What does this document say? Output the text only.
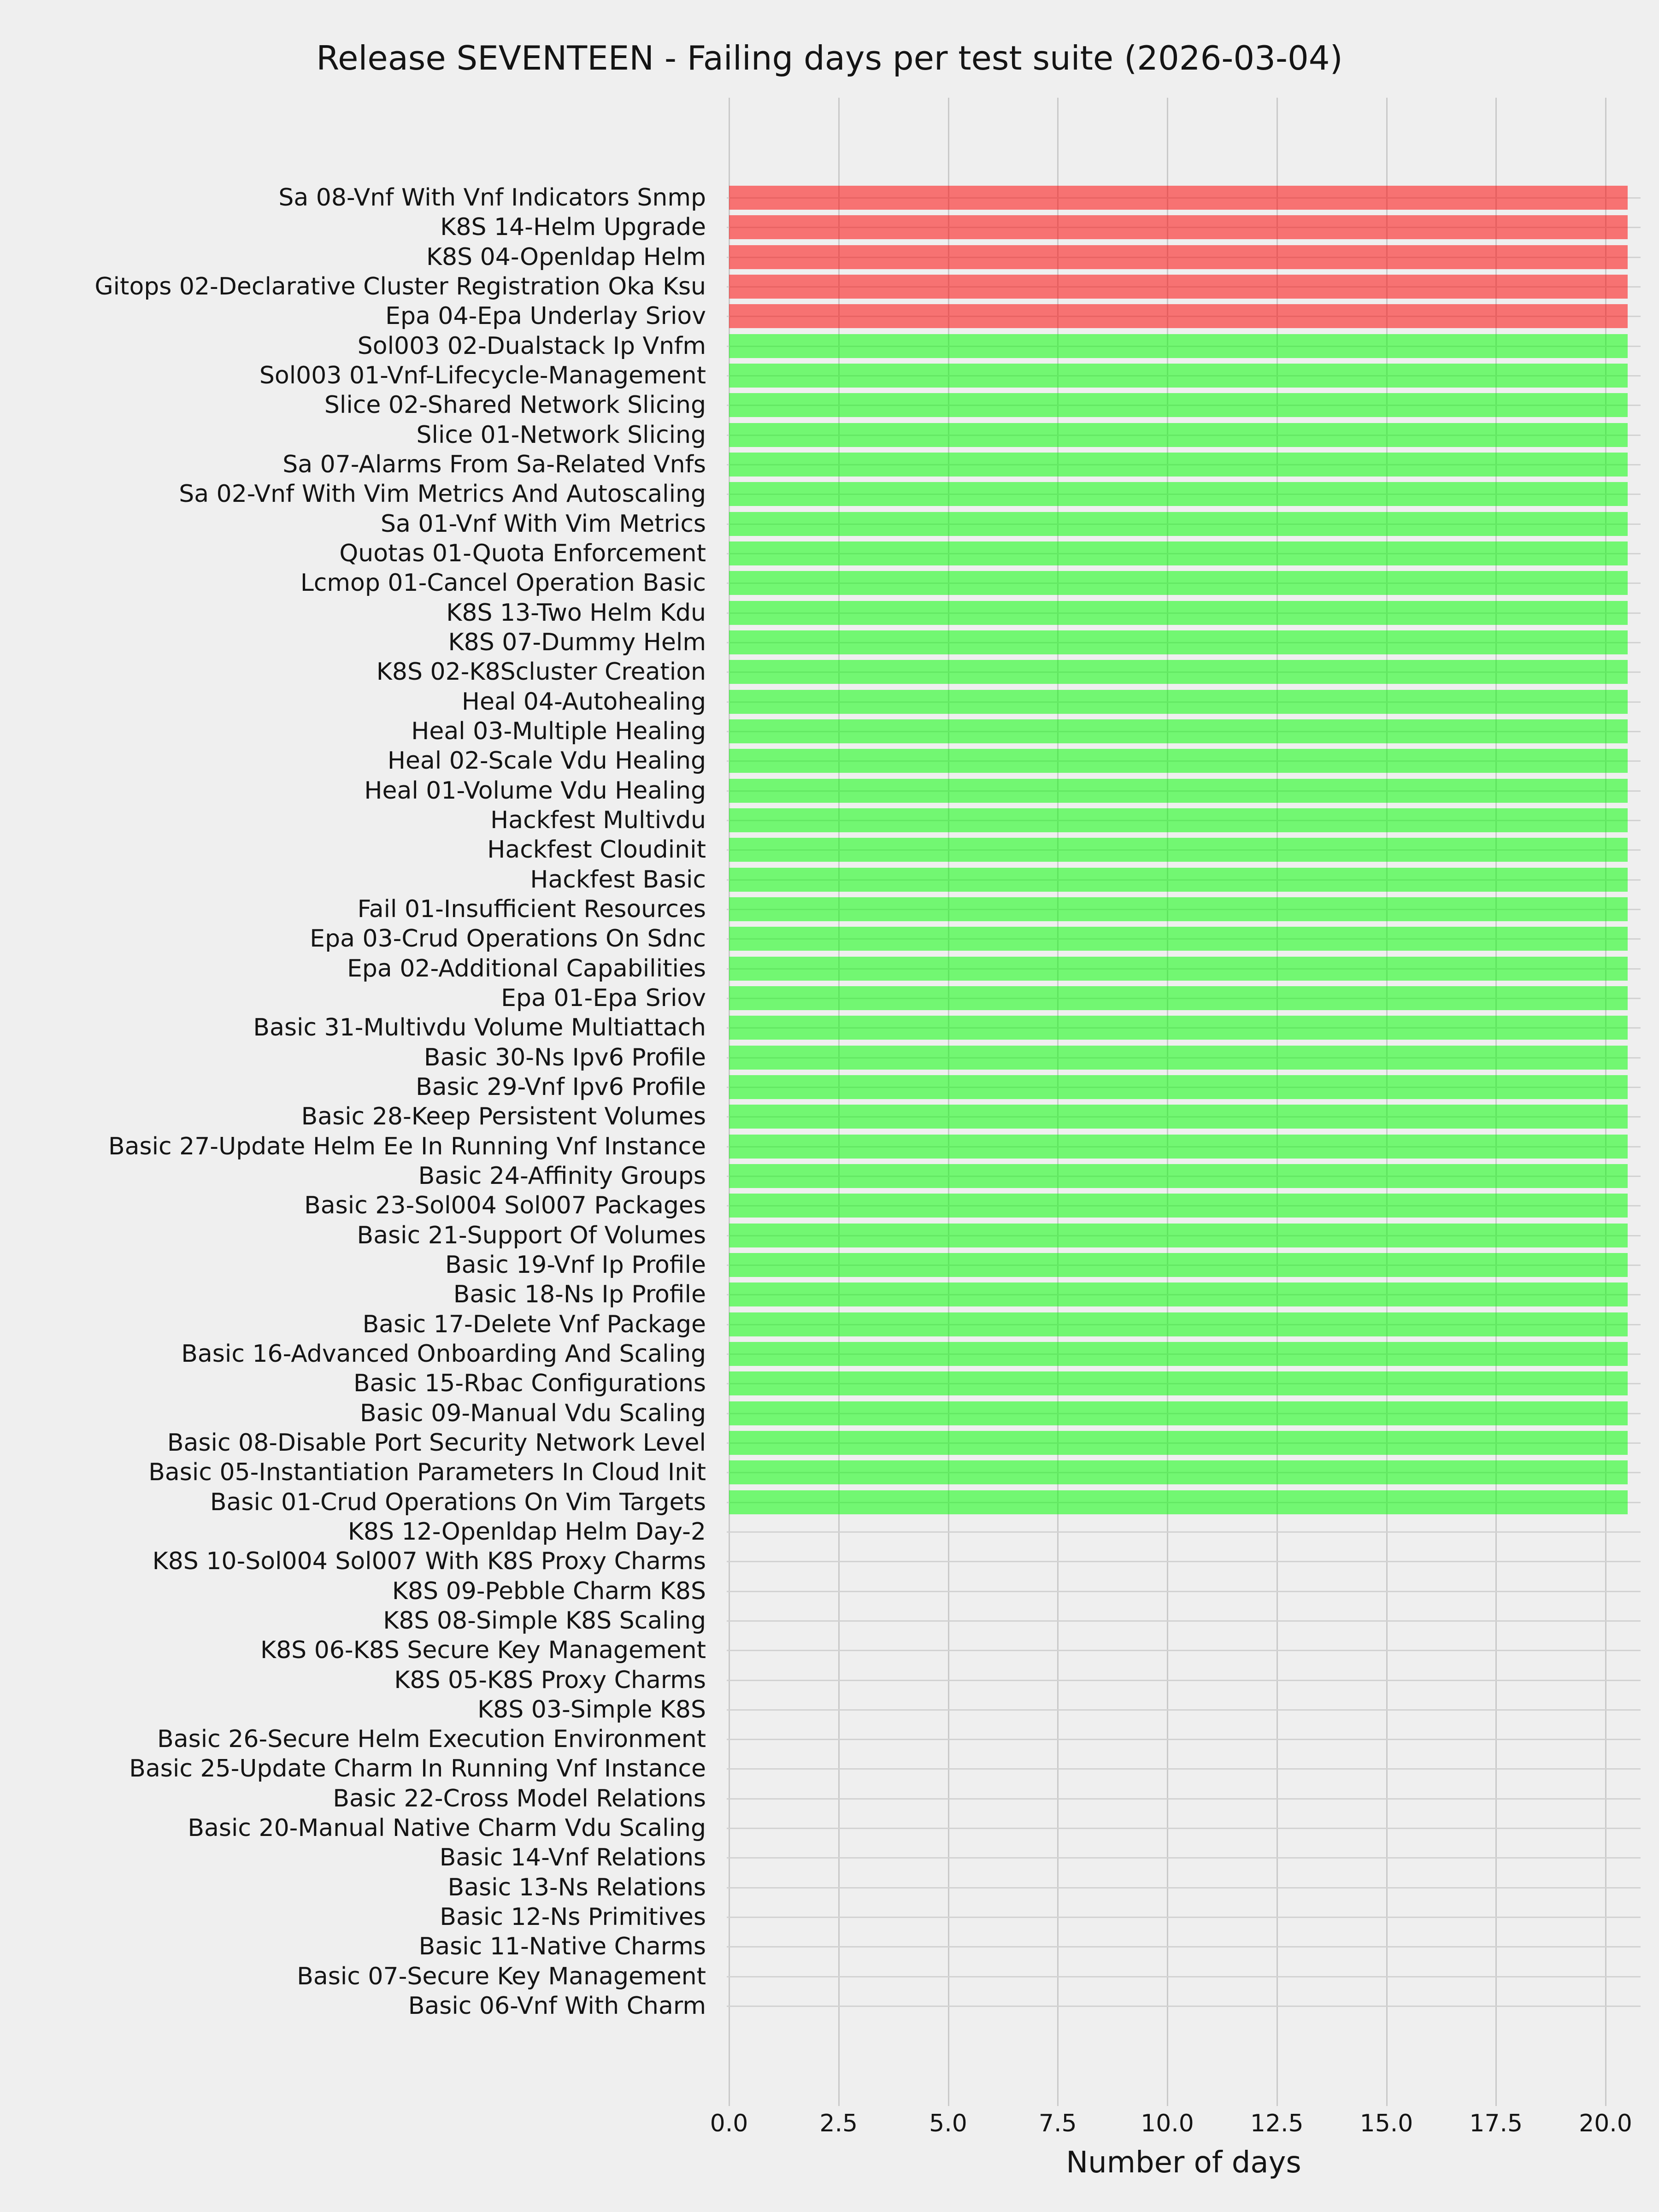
Release SEVENTEEN - Failing days per test suite (2026-03-04)
Sa 08-Vnf With Vnf Indicators Snmp
K8S 14-Helm Upgrade
K8S 04-Openldap Helm
Gitops 02-Declarative Cluster Registration Oka Ksu
Epa 04-Epa Underlay Sriov
Sol003 02-Dualstack Ip Vnfm
Sol003 01-Vnf-Lifecycle-Management
Slice 02-Shared Network Slicing
Slice 01-Network Slicing
Sa 07-Alarms From Sa-Related Vnfs
Sa 02-Vnf With Vim Metrics And Autoscaling
Sa 01-Vnf With Vim Metrics
Quotas 01-Quota Enforcement
Lcmop 01-Cancel Operation Basic
K8S 13-Two Helm Kdu
K8S 07-Dummy Helm
K8S 02-K8Scluster Creation
Heal 04-Autohealing
Heal 03-Multiple Healing
Heal 02-Scale Vdu Healing
Heal 01-Volume Vdu Healing
Hackfest Multivdu
Hackfest Cloudinit
Hackfest Basic
Fail 01-Insufficient Resources
Epa 03-Crud Operations On Sdnc
Epa 02-Additional Capabilities
Epa 01-Epa Sriov
Basic 31-Multivdu Volume Multiattach
Basic 30-Ns Ipv6 Profile
Basic 29-Vnf Ipv6 Profile
Basic 28-Keep Persistent Volumes
Basic 27-Update Helm Ee In Running Vnf Instance
Basic 24-Affinity Groups
Basic 23-Sol004 Sol007 Packages
Basic 21-Support Of Volumes
Basic 19-Vnf Ip Profile
Basic 18-Ns Ip Profile
Basic 17-Delete Vnf Package
Basic 16-Advanced Onboarding And Scaling
Basic 15-Rbac Configurations
Basic 09-Manual Vdu Scaling
Basic 08-Disable Port Security Network Level
Basic 05-Instantiation Parameters In Cloud Init
Basic 01-Crud Operations On Vim Targets
K8S 12-Openldap Helm Day-2
K8S 10-Sol004 Sol007 With K8S Proxy Charms
K8S 09-Pebble Charm K8S
K8S 08-Simple K8S Scaling
K8S 06-K8S Secure Key Management
K8S 05-K8S Proxy Charms
K8S 03-Simple K8S
Basic 26-Secure Helm Execution Environment
Basic 25-Update Charm In Running Vnf Instance
Basic 22-Cross Model Relations
Basic 20-Manual Native Charm Vdu Scaling
Basic 14-Vnf Relations
Basic 13-Ns Relations
Basic 12-Ns Primitives
Basic 11-Native Charms
Basic 07-Secure Key Management
Basic 06-Vnf With Charm
0.0	2.5	5.0	7.5	10.0	12.5	15.0	17.5	20.0
Number of days
